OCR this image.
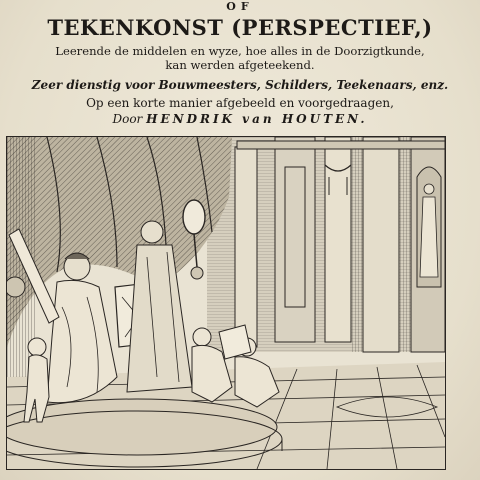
OF
TEKENKONST (PERSPECTIEF,)
Leerende de middelen en wyze, hoe alles in de Doorzigtkunde, kan werden afgeteekend.
Zeer dienstig voor Bouwmeesters, Schilders, Teekenaars, enz.
Op een korte manier afgebeeld en voorgedraagen,
Door HENDRIK van HOUTEN.
